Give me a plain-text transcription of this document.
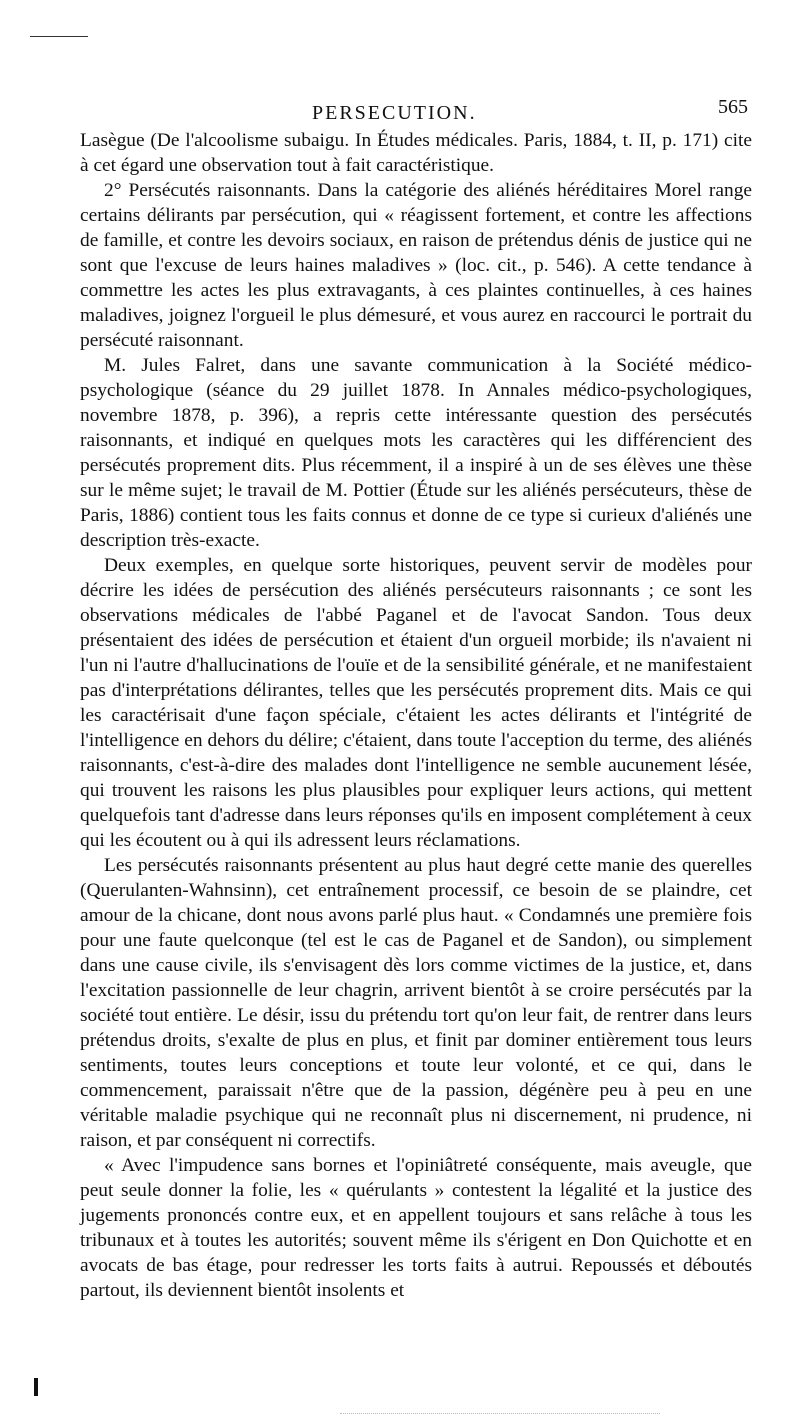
PERSECUTION.	565

Lasègue (De l'alcoolisme subaigu. In Études médicales. Paris, 1884, t. II, p. 171) cite à cet égard une observation tout à fait caractéristique.

2° Persécutés raisonnants. Dans la catégorie des aliénés héréditaires Morel range certains délirants par persécution, qui « réagissent fortement, et contre les affections de famille, et contre les devoirs sociaux, en raison de prétendus dénis de justice qui ne sont que l'excuse de leurs haines maladives » (loc. cit., p. 546). A cette tendance à commettre les actes les plus extravagants, à ces plaintes continuelles, à ces haines maladives, joignez l'orgueil le plus démesuré, et vous aurez en raccourci le portrait du persécuté raisonnant.

M. Jules Falret, dans une savante communication à la Société médico-psychologique (séance du 29 juillet 1878. In Annales médico-psychologiques, novembre 1878, p. 396), a repris cette intéressante question des persécutés raisonnants, et indiqué en quelques mots les caractères qui les différencient des persécutés proprement dits. Plus récemment, il a inspiré à un de ses élèves une thèse sur le même sujet; le travail de M. Pottier (Étude sur les aliénés persécuteurs, thèse de Paris, 1886) contient tous les faits connus et donne de ce type si curieux d'aliénés une description très-exacte.

Deux exemples, en quelque sorte historiques, peuvent servir de modèles pour décrire les idées de persécution des aliénés persécuteurs raisonnants ; ce sont les observations médicales de l'abbé Paganel et de l'avocat Sandon. Tous deux présentaient des idées de persécution et étaient d'un orgueil morbide; ils n'avaient ni l'un ni l'autre d'hallucinations de l'ouïe et de la sensibilité générale, et ne manifestaient pas d'interprétations délirantes, telles que les persécutés proprement dits. Mais ce qui les caractérisait d'une façon spéciale, c'étaient les actes délirants et l'intégrité de l'intelligence en dehors du délire; c'étaient, dans toute l'acception du terme, des aliénés raisonnants, c'est-à-dire des malades dont l'intelligence ne semble aucunement lésée, qui trouvent les raisons les plus plausibles pour expliquer leurs actions, qui mettent quelquefois tant d'adresse dans leurs réponses qu'ils en imposent complétement à ceux qui les écoutent ou à qui ils adressent leurs réclamations.

Les persécutés raisonnants présentent au plus haut degré cette manie des querelles (Querulanten-Wahnsinn), cet entraînement processif, ce besoin de se plaindre, cet amour de la chicane, dont nous avons parlé plus haut. « Condamnés une première fois pour une faute quelconque (tel est le cas de Paganel et de Sandon), ou simplement dans une cause civile, ils s'envisagent dès lors comme victimes de la justice, et, dans l'excitation passionnelle de leur chagrin, arrivent bientôt à se croire persécutés par la société tout entière. Le désir, issu du prétendu tort qu'on leur fait, de rentrer dans leurs prétendus droits, s'exalte de plus en plus, et finit par dominer entièrement tous leurs sentiments, toutes leurs conceptions et toute leur volonté, et ce qui, dans le commencement, paraissait n'être que de la passion, dégénère peu à peu en une véritable maladie psychique qui ne reconnaît plus ni discernement, ni prudence, ni raison, et par conséquent ni correctifs.

« Avec l'impudence sans bornes et l'opiniâtreté conséquente, mais aveugle, que peut seule donner la folie, les « quérulants » contestent la légalité et la justice des jugements prononcés contre eux, et en appellent toujours et sans relâche à tous les tribunaux et à toutes les autorités; souvent même ils s'érigent en Don Quichotte et en avocats de bas étage, pour redresser les torts faits à autrui. Repoussés et déboutés partout, ils deviennent bientôt insolents et
